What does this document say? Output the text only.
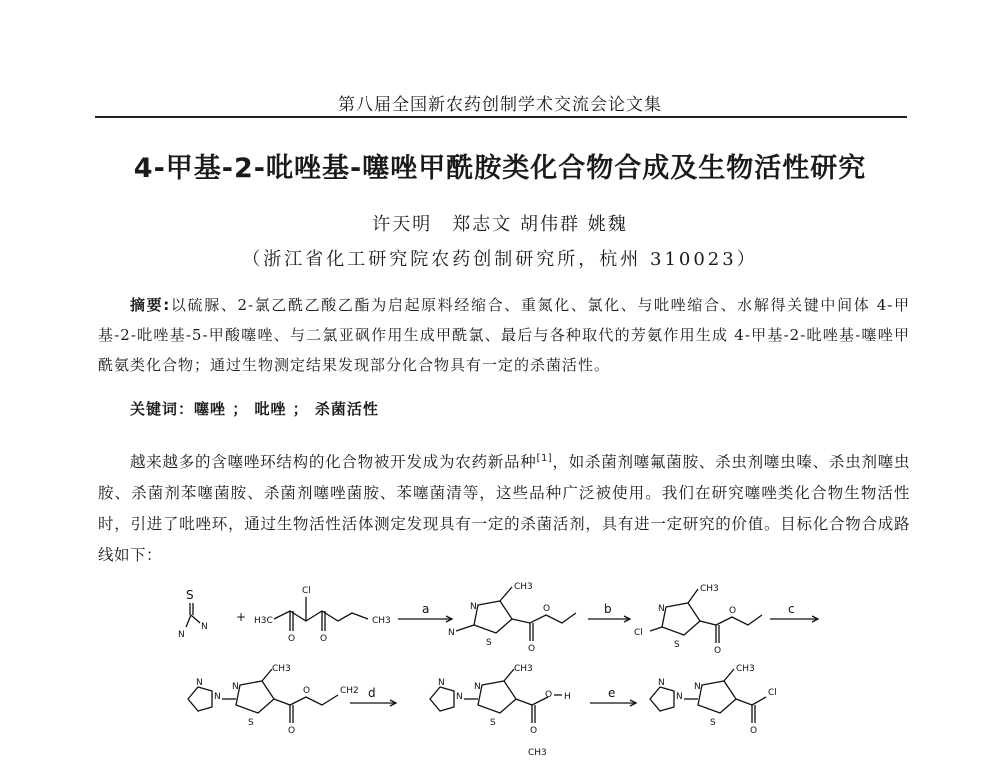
第八届全国新农药创制学术交流会论文集
4-甲基-2-吡唑基-噻唑甲酰胺类化合物合成及生物活性研究
许天明　郑志文 胡伟群 姚魏
（浙江省化工研究院农药创制研究所，杭州 310023）
摘要:以硫脲、2-氯乙酰乙酸乙酯为启起原料经缩合、重氮化、氯化、与吡唑缩合、水解得关键中间体 4-甲基-2-吡唑基-5-甲酸噻唑、与二氯亚砜作用生成甲酰氯、最后与各种取代的芳氨作用生成 4-甲基-2-吡唑基-噻唑甲酰氨类化合物；通过生物测定结果发现部分化合物具有一定的杀菌活性。
关键词：噻唑 ； 吡唑 ； 杀菌活性
越来越多的含噻唑环结构的化合物被开发成为农药新品种[1]，如杀菌剂噻氟菌胺、杀虫剂噻虫嗪、杀虫剂噻虫胺、杀菌剂苯噻菌胺、杀菌剂噻唑菌胺、苯噻菌清等，这些品种广泛被使用。我们在研究噻唑类化合物生物活性时，引进了吡唑环，通过生物活性活体测定发现具有一定的杀菌活剂，具有进一定研究的价值。目标化合物合成路线如下：
S
N
N
+ H3C
O
Cl
O
CH3
a	N
S
CH3
N
O
O	b	N
S
CH3
Cl
O
O	c
N
N
N
S
CH3
O
O	CH2 d
N
N
N
S
CH3
O
O H
CH3
e
N
N
N
S
CH3
O
Cl
